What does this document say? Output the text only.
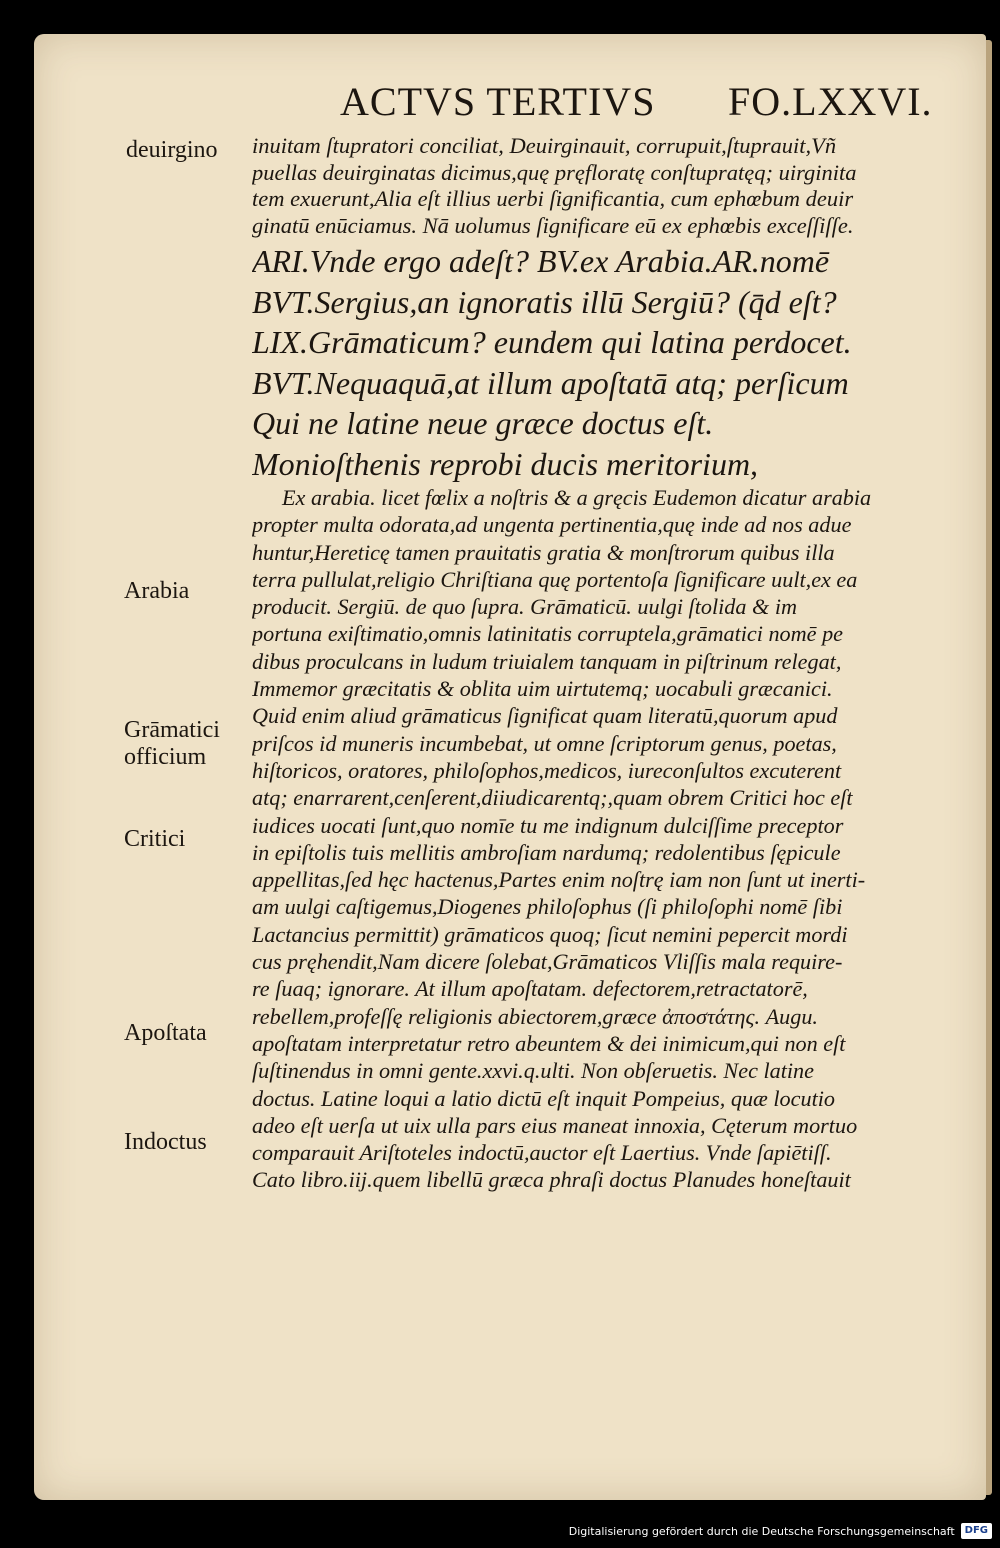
ACTVS TERTIVS FO.LXXVI.
deuirgino
Arabia
Grāmatici
officium
Critici
Apoſtata
Indoctus
inuitam ſtupratori conciliat, Deuirginauit, corrupuit,ſtuprauit,Vñ
puellas deuirginatas dicimus,quę pręfloratę conſtupratęq; uirginita
tem exuerunt,Alia eſt illius uerbi ſignificantia, cum ephœbum deuir
ginatū enūciamus. Nā uolumus ſignificare eū ex ephœbis exceſſiſſe.
ARI.Vnde ergo adeſt? BV.ex Arabia.AR.nomē
BVT.Sergius,an ignoratis illū Sergiū? (q̄d eſt?
LIX.Grāmaticum? eundem qui latina perdocet.
BVT.Nequaquā,at illum apoſtatā atq; perſicum
Qui ne latine neue græce doctus eſt.
Monioſthenis reprobi ducis meritorium,
Ex arabia. licet fœlix a noſtris & a gręcis Eudemon dicatur arabia
propter multa odorata,ad ungenta pertinentia,quę inde ad nos adue
huntur,Hereticę tamen prauitatis gratia & monſtrorum quibus illa
terra pullulat,religio Chriſtiana quę portentoſa ſignificare uult,ex ea
producit. Sergiū. de quo ſupra. Grāmaticū. uulgi ſtolida & im
portuna exiſtimatio,omnis latinitatis corruptela,grāmatici nomē pe
dibus proculcans in ludum triuialem tanquam in piſtrinum relegat,
Immemor græcitatis & oblita uim uirtutemq; uocabuli græcanici.
Quid enim aliud grāmaticus ſignificat quam literatū,quorum apud
priſcos id muneris incumbebat, ut omne ſcriptorum genus, poetas,
hiſtoricos, oratores, philoſophos,medicos, iureconſultos excuterent
atq; enarrarent,cenſerent,diiudicarentq;,quam obrem Critici hoc eſt
iudices uocati ſunt,quo nomīe tu me indignum dulciſſime preceptor
in epiſtolis tuis mellitis ambroſiam nardumq; redolentibus ſępicule
appellitas,ſed hęc hactenus,Partes enim noſtrę iam non ſunt ut inerti-
am uulgi caſtigemus,Diogenes philoſophus (ſi philoſophi nomē ſibi
Lactancius permittit) grāmaticos quoq; ſicut nemini pepercit mordi
cus pręhendit,Nam dicere ſolebat,Grāmaticos Vliſſis mala require-
re ſuaq; ignorare. At illum apoſtatam. defectorem,retractatorē,
rebellem,profeſſę religionis abiectorem,græce ἀποστάτης. Augu.
apoſtatam interpretatur retro abeuntem & dei inimicum,qui non eſt
ſuſtinendus in omni gente.xxvi.q.ulti. Non obſeruetis. Nec latine
doctus. Latine loqui a latio dictū eſt inquit Pompeius, quæ locutio
adeo eſt uerſa ut uix ulla pars eius maneat innoxia, Cęterum mortuo
comparauit Ariſtoteles indoctū,auctor eſt Laertius. Vnde ſapiētiſſ.
Cato libro.iij.quem libellū græca phraſi doctus Planudes honeſtauit
Digitalisierung gefördert durch die Deutsche Forschungsgemeinschaft	DFG
